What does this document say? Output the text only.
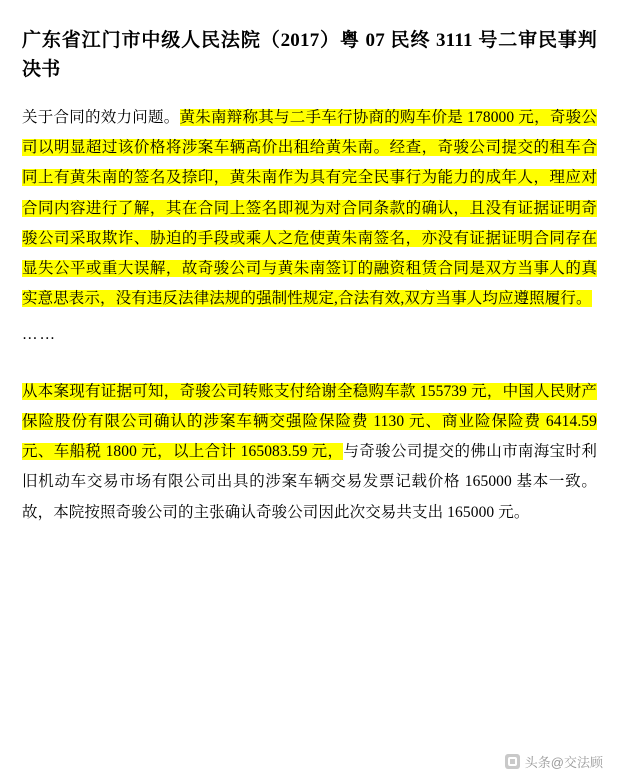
广东省江门市中级人民法院（2017）粤 07 民终 3111 号二审民事判决书

关于合同的效力问题。黄朱南辩称其与二手车行协商的购车价是 178000 元，奇骏公司以明显超过该价格将涉案车辆高价出租给黄朱南。经查，奇骏公司提交的租车合同上有黄朱南的签名及捺印，黄朱南作为具有完全民事行为能力的成年人，理应对合同内容进行了解，其在合同上签名即视为对合同条款的确认，且没有证据证明奇骏公司采取欺诈、胁迫的手段或乘人之危使黄朱南签名，亦没有证据证明合同存在显失公平或重大误解，故奇骏公司与黄朱南签订的融资租赁合同是双方当事人的真实意思表示，没有违反法律法规的强制性规定,合法有效,双方当事人均应遵照履行。

……

从本案现有证据可知，奇骏公司转账支付给谢全稳购车款 155739 元，中国人民财产保险股份有限公司确认的涉案车辆交强险保险费 1130 元、商业险保险费 6414.59 元、车船税 1800 元，以上合计 165083.59 元，与奇骏公司提交的佛山市南海宝时利旧机动车交易市场有限公司出具的涉案车辆交易发票记载价格 165000 基本一致。故，本院按照奇骏公司的主张确认奇骏公司因此次交易共支出 165000 元。

头条@交法顾
